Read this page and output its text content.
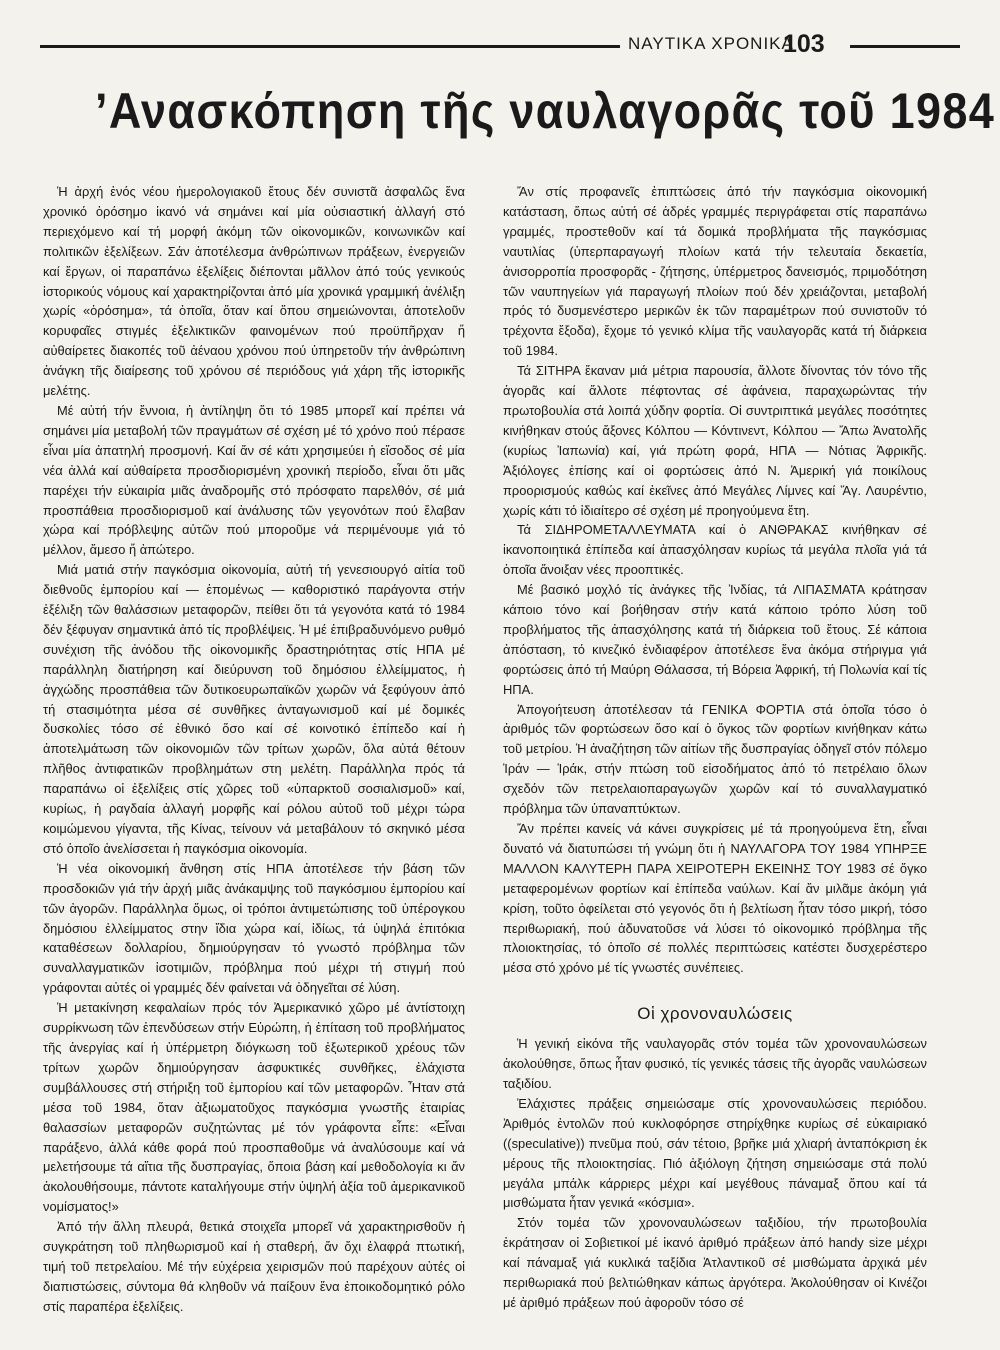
ΝΑΥΤΙΚΑ ΧΡΟΝΙΚΑ
103
’Ανασκόπηση τῆς ναυλαγορᾶς τοῦ 1984

Ἡ ἀρχή ἑνός νέου ἡμερολογιακοῦ ἔτους δέν συνιστᾶ ἀσφαλῶς ἕνα χρονικό ὁρόσημο ἱκανό νά σημάνει καί μία οὐσιαστική ἀλλαγή στό περιεχόμενο καί τή μορφή ἀκόμη τῶν οἰκονομικῶν, κοινωνικῶν καί πολιτικῶν ἐξελίξεων. Σάν ἀποτέλεσμα ἀνθρώπινων πράξεων, ἐνεργειῶν καί ἔργων, οἱ παραπάνω ἐξελίξεις διέπονται μᾶλλον ἀπό τούς γενικούς ἱστορικούς νόμους καί χαρακτηρίζονται ἀπό μία χρονικά γραμμική ἀνέλιξη χωρίς «ὁρόσημα», τά ὁποῖα, ὅταν καί ὅπου σημειώνονται, ἀποτελοῦν κορυφαῖες στιγμές ἐξελικτικῶν φαινομένων πού προϋπῆρχαν ἤ αὐθαίρετες διακοπές τοῦ ἀέναου χρόνου πού ὑπηρετοῦν τήν ἀνθρώπινη ἀνάγκη τῆς διαίρεσης τοῦ χρόνου σέ περιόδους γιά χάρη τῆς ἱστορικῆς μελέτης.

Μέ αὐτή τήν ἔννοια, ἡ ἀντίληψη ὅτι τό 1985 μπορεῖ καί πρέπει νά σημάνει μία μεταβολή τῶν πραγμάτων σέ σχέση μέ τό χρόνο πού πέρασε εἶναι μία ἀπατηλή προσμονή. Καί ἄν σέ κάτι χρησιμεύει ἡ εἴσοδος σέ μία νέα ἀλλά καί αὐθαίρετα προσδιορισμένη χρονική περίοδο, εἶναι ὅτι μᾶς παρέχει τήν εὐκαιρία μιᾶς ἀναδρομῆς στό πρόσφατο παρελθόν, σέ μιά προσπάθεια προσδιορισμοῦ καί ἀνάλυσης τῶν γεγονότων πού ἔλαβαν χώρα καί πρόβλεψης αὐτῶν πού μποροῦμε νά περιμένουμε γιά τό μέλλον, ἄμεσο ἤ ἀπώτερο.

Μιά ματιά στήν παγκόσμια οἰκονομία, αὐτή τή γενεσιουργό αἰτία τοῦ διεθνοῦς ἐμπορίου καί — ἑπομένως — καθοριστικό παράγοντα στήν ἐξέλιξη τῶν θαλάσσιων μεταφορῶν, πείθει ὅτι τά γεγονότα κατά τό 1984 δέν ξέφυγαν σημαντικά ἀπό τίς προβλέψεις. Ἡ μέ ἐπιβραδυνόμενο ρυθμό συνέχιση τῆς ἀνόδου τῆς οἰκονομικῆς δραστηριότητας στίς ΗΠΑ μέ παράλληλη διατήρηση καί διεύρυνση τοῦ δημόσιου ἐλλείμματος, ἡ ἀγχώδης προσπάθεια τῶν δυτικοευρωπαϊκῶν χωρῶν νά ξεφύγουν ἀπό τή στασιμότητα μέσα σέ συνθῆκες ἀνταγωνισμοῦ καί μέ δομικές δυσκολίες τόσο σέ ἐθνικό ὅσο καί σέ κοινοτικό ἐπίπεδο καί ἡ ἀποτελμάτωση τῶν οἰκονομιῶν τῶν τρίτων χωρῶν, ὅλα αὐτά θέτουν πλῆθος ἀντιφατικῶν προβλημάτων στη μελέτη. Παράλληλα πρός τά παραπάνω οἱ ἐξελίξεις στίς χῶρες τοῦ «ὑπαρκτοῦ σοσιαλισμοῦ» καί, κυρίως, ἡ ραγδαία ἀλλαγή μορφῆς καί ρόλου αὐτοῦ τοῦ μέχρι τώρα κοιμώμενου γίγαντα, τῆς Κίνας, τείνουν νά μεταβάλουν τό σκηνικό μέσα στό ὁποῖο ἀνελίσσεται ἡ παγκόσμια οἰκονομία.

Ἡ νέα οἰκονομική ἄνθηση στίς ΗΠΑ ἀποτέλεσε τήν βάση τῶν προσδοκιῶν γιά τήν ἀρχή μιᾶς ἀνάκαμψης τοῦ παγκόσμιου ἐμπορίου καί τῶν ἀγορῶν. Παράλληλα ὅμως, οἱ τρόποι ἀντιμετώπισης τοῦ ὑπέρογκου δημόσιου ἐλλείμματος στην ἴδια χώρα καί, ἰδίως, τά ὑψηλά ἐπιτόκια καταθέσεων δολλαρίου, δημιούργησαν τό γνωστό πρόβλημα τῶν συναλλαγματικῶν ἰσοτιμιῶν, πρόβλημα πού μέχρι τή στιγμή πού γράφονται αὐτές οἱ γραμμές δέν φαίνεται νά ὁδηγεῖται σέ λύση.

Ἡ μετακίνηση κεφαλαίων πρός τόν Ἀμερικανικό χῶρο μέ ἀντίστοιχη συρρίκνωση τῶν ἐπενδύσεων στήν Εὐρώπη, ἡ ἐπίταση τοῦ προβλήματος τῆς ἀνεργίας καί ἡ ὑπέρμετρη διόγκωση τοῦ ἐξωτερικοῦ χρέους τῶν τρίτων χωρῶν δημιούργησαν ἀσφυκτικές συνθῆκες, ἐλάχιστα συμβάλλουσες στή στήριξη τοῦ ἐμπορίου καί τῶν μεταφορῶν. Ἦταν στά μέσα τοῦ 1984, ὅταν ἀξιωματοῦχος παγκόσμια γνωστῆς ἑταιρίας θαλασσίων μεταφορῶν συζητώντας μέ τόν γράφοντα εἶπε: «Εἶναι παράξενο, ἀλλά κάθε φορά πού προσπαθοῦμε νά ἀναλύσουμε καί νά μελετήσουμε τά αἴτια τῆς δυσπραγίας, ὅποια βάση καί μεθοδολογία κι ἄν ἀκολουθήσουμε, πάντοτε καταλήγουμε στήν ὑψηλή ἀξία τοῦ ἀμερικανικοῦ νομίσματος!»

Ἀπό τήν ἄλλη πλευρά, θετικά στοιχεῖα μπορεῖ νά χαρακτηρισθοῦν ἡ συγκράτηση τοῦ πληθωρισμοῦ καί ἡ σταθερή, ἄν ὄχι ἐλαφρά πτωτική, τιμή τοῦ πετρελαίου. Μέ τήν εὐχέρεια χειρισμῶν πού παρέχουν αὐτές οἱ διαπιστώσεις, σύντομα θά κληθοῦν νά παίξουν ἕνα ἐποικοδομητικό ρόλο στίς παραπέρα ἐξελίξεις.

Ἄν στίς προφανεῖς ἐπιπτώσεις ἀπό τήν παγκόσμια οἰκονομική κατάσταση, ὅπως αὐτή σέ ἁδρές γραμμές περιγράφεται στίς παραπάνω γραμμές, προστεθοῦν καί τά δομικά προβλήματα τῆς παγκόσμιας ναυτιλίας (ὑπερπαραγωγή πλοίων κατά τήν τελευταία δεκαετία, ἀνισορροπία προσφορᾶς - ζήτησης, ὑπέρμετρος δανεισμός, πριμοδότηση τῶν ναυπηγείων γιά παραγωγή πλοίων πού δέν χρειάζονται, μεταβολή πρός τό δυσμενέστερο μερικῶν ἐκ τῶν παραμέτρων πού συνιστοῦν τό τρέχοντα ἔξοδα), ἔχομε τό γενικό κλίμα τῆς ναυλαγορᾶς κατά τή διάρκεια τοῦ 1984.

Τά ΣΙΤΗΡΑ ἔκαναν μιά μέτρια παρουσία, ἄλλοτε δίνοντας τόν τόνο τῆς ἀγορᾶς καί ἄλλοτε πέφτοντας σέ ἀφάνεια, παραχωρώντας τήν πρωτοβουλία στά λοιπά χύδην φορτία. Οἱ συντριπτικά μεγάλες ποσότητες κινήθηκαν στούς ἄξονες Κόλπου — Κόντινεντ, Κόλπου — Ἄπω Ἀνατολῆς (κυρίως Ἰαπωνία) καί, γιά πρώτη φορά, ΗΠΑ — Νότιας Ἀφρικῆς. Ἀξιόλογες ἐπίσης καί οἱ φορτώσεις ἀπό Ν. Ἀμερική γιά ποικίλους προορισμούς καθώς καί ἐκεῖνες ἀπό Μεγάλες Λίμνες καί Ἅγ. Λαυρέντιο, χωρίς κάτι τό ἰδιαίτερο σέ σχέση μέ προηγούμενα ἔτη.

Τά ΣΙΔΗΡΟΜΕΤΑΛΛΕΥΜΑΤΑ καί ὁ ΑΝΘΡΑΚΑΣ κινήθηκαν σέ ἱκανοποιητικά ἐπίπεδα καί ἀπασχόλησαν κυρίως τά μεγάλα πλοῖα γιά τά ὁποῖα ἄνοιξαν νέες προοπτικές.

Μέ βασικό μοχλό τίς ἀνάγκες τῆς Ἰνδίας, τά ΛΙΠΑΣΜΑΤΑ κράτησαν κάποιο τόνο καί βοήθησαν στήν κατά κάποιο τρόπο λύση τοῦ προβλήματος τῆς ἀπασχόλησης κατά τή διάρκεια τοῦ ἔτους. Σέ κάποια ἀπόσταση, τό κινεζικό ἐνδιαφέρον ἀποτέλεσε ἕνα ἀκόμα στήριγμα γιά φορτώσεις ἀπό τή Μαύρη Θάλασσα, τή Βόρεια Ἀφρική, τή Πολωνία καί τίς ΗΠΑ.

Ἀπογοήτευση ἀποτέλεσαν τά ΓΕΝΙΚΑ ΦΟΡΤΙΑ στά ὁποῖα τόσο ὁ ἀριθμός τῶν φορτώσεων ὅσο καί ὁ ὄγκος τῶν φορτίων κινήθηκαν κάτω τοῦ μετρίου. Ἡ ἀναζήτηση τῶν αἰτίων τῆς δυσπραγίας ὁδηγεῖ στόν πόλεμο Ἰράν — Ἰράκ, στήν πτώση τοῦ εἰσοδήματος ἀπό τό πετρέλαιο ὅλων σχεδόν τῶν πετρελαιοπαραγωγῶν χωρῶν καί τό συναλλαγματικό πρόβλημα τῶν ὑπαναπτύκτων.

Ἄν πρέπει κανείς νά κάνει συγκρίσεις μέ τά προηγούμενα ἔτη, εἶναι δυνατό νά διατυπώσει τή γνώμη ὅτι ἡ ΝΑΥΛΑΓΟΡΑ ΤΟΥ 1984 ΥΠΗΡΞΕ ΜΑΛΛΟΝ ΚΑΛΥΤΕΡΗ ΠΑΡΑ ΧΕΙΡΟΤΕΡΗ ΕΚΕΙΝΗΣ ΤΟΥ 1983 σέ ὄγκο μεταφερομένων φορτίων καί ἐπίπεδα ναύλων. Καί ἄν μιλᾶμε ἀκόμη γιά κρίση, τοῦτο ὀφείλεται στό γεγονός ὅτι ἡ βελτίωση ἦταν τόσο μικρή, τόσο περιθωριακή, πού ἀδυνατοῦσε νά λύσει τό οἰκονομικό πρόβλημα τῆς πλοιοκτησίας, τό ὁποῖο σέ πολλές περιπτώσεις κατέστει δυσχερέστερο μέσα στό χρόνο μέ τίς γνωστές συνέπειες.

Οἱ χρονοναυλώσεις

Ἡ γενική εἰκόνα τῆς ναυλαγορᾶς στόν τομέα τῶν χρονοναυλώσεων ἀκολούθησε, ὅπως ἦταν φυσικό, τίς γενικές τάσεις τῆς ἀγορᾶς ναυλώσεων ταξιδίου.

Ἐλάχιστες πράξεις σημειώσαμε στίς χρονοναυλώσεις περιόδου. Ἀριθμός ἐντολῶν πού κυκλοφόρησε στηρίχθηκε κυρίως σέ εὐκαιριακό ((speculative)) πνεῦμα πού, σάν τέτοιο, βρῆκε μιά χλιαρή ἀνταπόκριση ἐκ μέρους τῆς πλοιοκτησίας. Πιό ἀξιόλογη ζήτηση σημειώσαμε στά πολύ μεγάλα μπάλκ κάρριερς μέχρι καί μεγέθους πάναμαξ ὅπου καί τά μισθώματα ἦταν γενικά «κόσμια».

Στόν τομέα τῶν χρονοναυλώσεων ταξιδίου, τήν πρωτοβουλία ἐκράτησαν οἱ Σοβιετικοί μέ ἱκανό ἀριθμό πράξεων ἀπό handy size μέχρι καί πάναμαξ γιά κυκλικά ταξίδια Ἀτλαντικοῦ σέ μισθώματα ἀρχικά μέν περιθωριακά πού βελτιώθηκαν κάπως ἀργότερα. Ἀκολούθησαν οἱ Κινέζοι μέ ἀριθμό πράξεων πού ἀφοροῦν τόσο σέ
